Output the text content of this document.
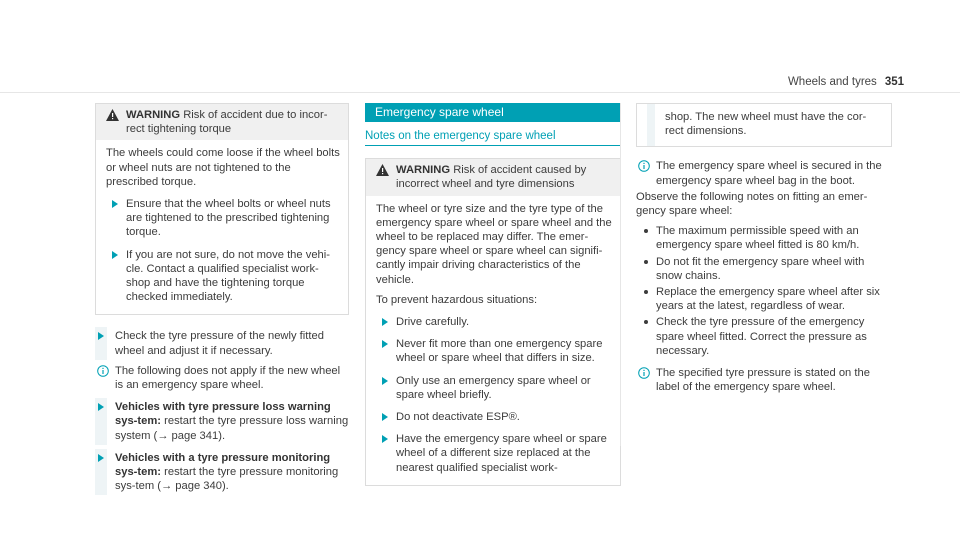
Wheels and tyres 351
WARNING Risk of accident due to incor-
rect tightening torque

The wheels could come loose if the wheel bolts or wheel nuts are not tightened to the prescribed torque.

Ensure that the wheel bolts or wheel nuts are tightened to the prescribed tightening torque.
If you are not sure, do not move the vehi-cle. Contact a qualified specialist work-shop and have the tightening torque checked immediately.
Check the tyre pressure of the newly fitted wheel and adjust it if necessary.
The following does not apply if the new wheel is an emergency spare wheel.
Vehicles with tyre pressure loss warning sys-tem: restart the tyre pressure loss warning system (→ page 341).
Vehicles with a tyre pressure monitoring sys-tem: restart the tyre pressure monitoring sys-tem (→ page 340).
Emergency spare wheel
Notes on the emergency spare wheel
WARNING Risk of accident caused by
incorrect wheel and tyre dimensions

The wheel or tyre size and the tyre type of the emergency spare wheel or spare wheel and the wheel to be replaced may differ. The emer-gency spare wheel or spare wheel can signifi-cantly impair driving characteristics of the vehicle.

To prevent hazardous situations:

Drive carefully.
Never fit more than one emergency spare wheel or spare wheel that differs in size.
Only use an emergency spare wheel or spare wheel briefly.
Do not deactivate ESP®.
Have the emergency spare wheel or spare wheel of a different size replaced at the nearest qualified specialist work-
shop. The new wheel must have the cor-rect dimensions.
The emergency spare wheel is secured in the emergency spare wheel bag in the boot.

Observe the following notes on fitting an emer-gency spare wheel:

The maximum permissible speed with an emergency spare wheel fitted is 80 km/h.
Do not fit the emergency spare wheel with snow chains.
Replace the emergency spare wheel after six years at the latest, regardless of wear.
Check the tyre pressure of the emergency spare wheel fitted. Correct the pressure as necessary.
The specified tyre pressure is stated on the label of the emergency spare wheel.
